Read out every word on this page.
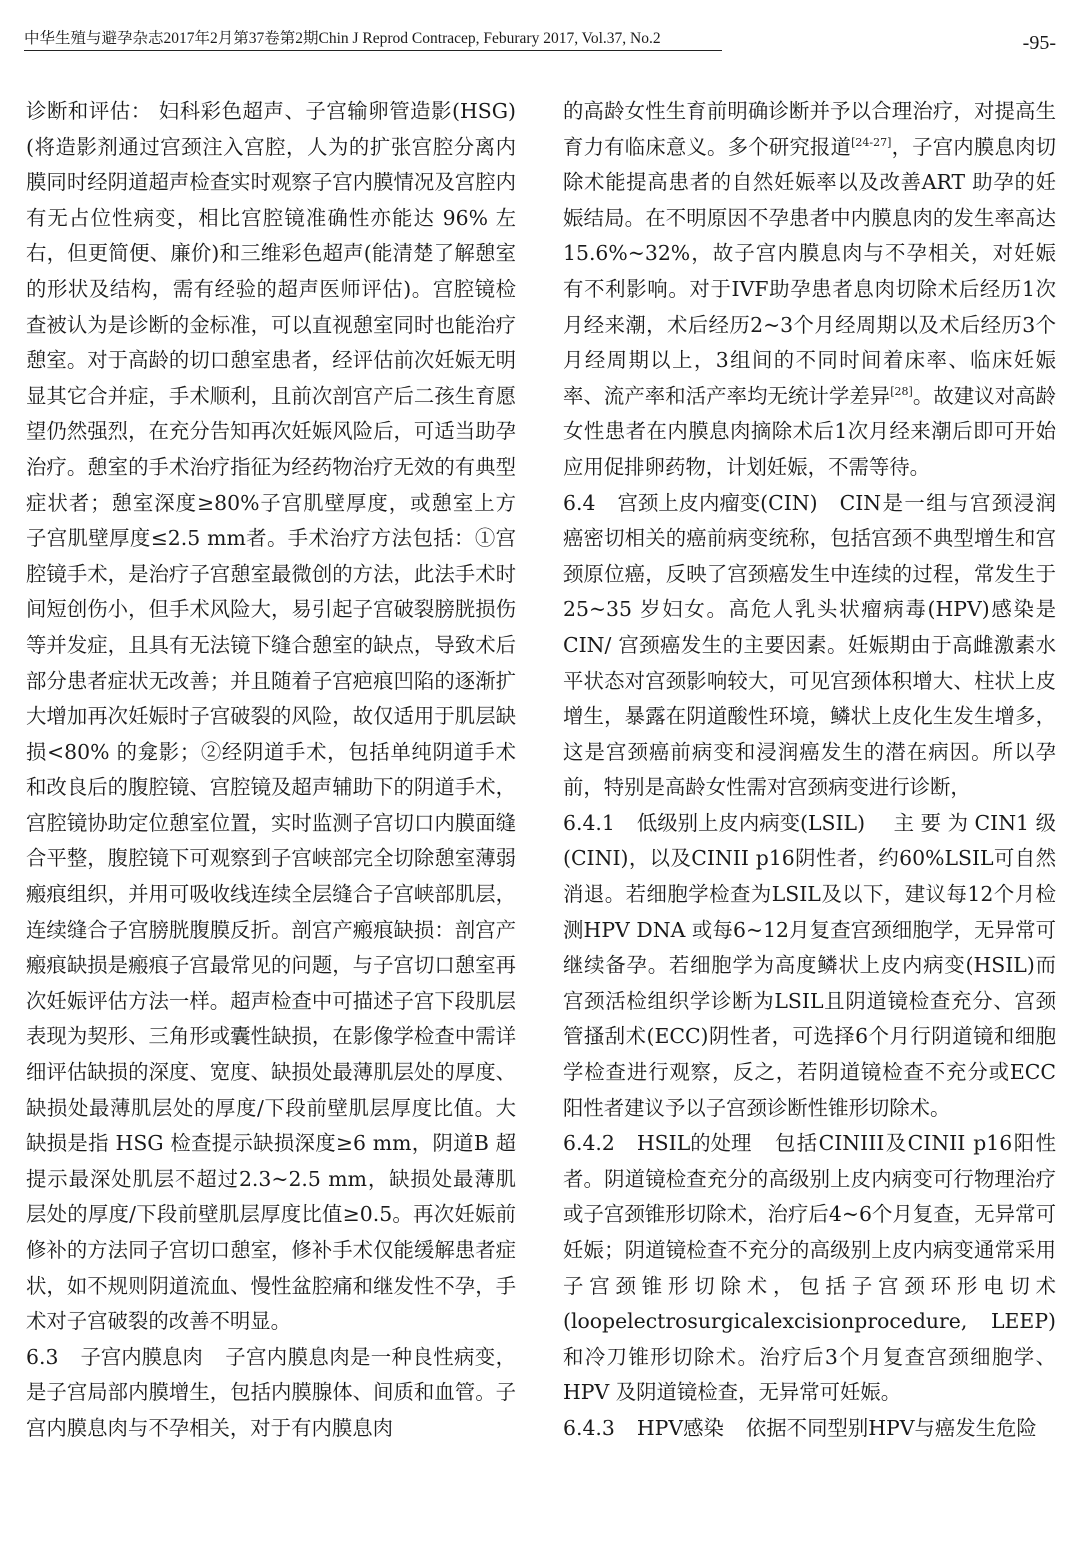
中华生殖与避孕杂志2017年2月第37卷第2期Chin J Reprod Contracep, Feburary 2017, Vol.37, No.2	-95-

诊断和评估： 妇科彩色超声、子宫输卵管造影(HSG)(将造影剂通过宫颈注入宫腔，人为的扩张宫腔分离内膜同时经阴道超声检查实时观察子宫内膜情况及宫腔内有无占位性病变，相比宫腔镜准确性亦能达 96% 左右，但更简便、廉价)和三维彩色超声(能清楚了解憩室的形状及结构，需有经验的超声医师评估)。宫腔镜检查被认为是诊断的金标准，可以直视憩室同时也能治疗憩室。对于高龄的切口憩室患者，经评估前次妊娠无明显其它合并症，手术顺利，且前次剖宫产后二孩生育愿望仍然强烈，在充分告知再次妊娠风险后，可适当助孕治疗。憩室的手术治疗指征为经药物治疗无效的有典型症状者；憩室深度≥80%子宫肌壁厚度，或憩室上方子宫肌壁厚度≤2.5 mm者。手术治疗方法包括：①宫腔镜手术，是治疗子宫憩室最微创的方法，此法手术时间短创伤小，但手术风险大，易引起子宫破裂膀胱损伤等并发症，且具有无法镜下缝合憩室的缺点，导致术后部分患者症状无改善；并且随着子宫疤痕凹陷的逐渐扩大增加再次妊娠时子宫破裂的风险，故仅适用于肌层缺损<80% 的龛影；②经阴道手术，包括单纯阴道手术和改良后的腹腔镜、宫腔镜及超声辅助下的阴道手术，宫腔镜协助定位憩室位置，实时监测子宫切口内膜面缝合平整，腹腔镜下可观察到子宫峡部完全切除憩室薄弱瘢痕组织，并用可吸收线连续全层缝合子宫峡部肌层，连续缝合子宫膀胱腹膜反折。剖宫产瘢痕缺损：剖宫产瘢痕缺损是瘢痕子宫最常见的问题，与子宫切口憩室再次妊娠评估方法一样。超声检查中可描述子宫下段肌层表现为契形、三角形或囊性缺损，在影像学检查中需详细评估缺损的深度、宽度、缺损处最薄肌层处的厚度、缺损处最薄肌层处的厚度/下段前壁肌层厚度比值。大缺损是指 HSG 检查提示缺损深度≥6 mm，阴道B 超提示最深处肌层不超过2.3~2.5 mm，缺损处最薄肌层处的厚度/下段前壁肌层厚度比值≥0.5。再次妊娠前修补的方法同子宫切口憩室，修补手术仅能缓解患者症状，如不规则阴道流血、慢性盆腔痛和继发性不孕，手术对子宫破裂的改善不明显。

6.3 子宫内膜息肉 子宫内膜息肉是一种良性病变，是子宫局部内膜增生，包括内膜腺体、间质和血管。子宫内膜息肉与不孕相关，对于有内膜息肉

的高龄女性生育前明确诊断并予以合理治疗，对提高生育力有临床意义。多个研究报道[24-27]，子宫内膜息肉切除术能提高患者的自然妊娠率以及改善ART 助孕的妊娠结局。在不明原因不孕患者中内膜息肉的发生率高达15.6%~32%，故子宫内膜息肉与不孕相关，对妊娠有不利影响。对于IVF助孕患者息肉切除术后经历1次月经来潮，术后经历2~3个月经周期以及术后经历3个月经周期以上，3组间的不同时间着床率、临床妊娠率、流产率和活产率均无统计学差异[28]。故建议对高龄女性患者在内膜息肉摘除术后1次月经来潮后即可开始应用促排卵药物，计划妊娠，不需等待。

6.4 宫颈上皮内瘤变(CIN) CIN是一组与宫颈浸润癌密切相关的癌前病变统称，包括宫颈不典型增生和宫颈原位癌，反映了宫颈癌发生中连续的过程，常发生于25~35 岁妇女。高危人乳头状瘤病毒(HPV)感染是 CIN/ 宫颈癌发生的主要因素。妊娠期由于高雌激素水平状态对宫颈影响较大，可见宫颈体积增大、柱状上皮增生，暴露在阴道酸性环境，鳞状上皮化生发生增多，这是宫颈癌前病变和浸润癌发生的潜在病因。所以孕前，特别是高龄女性需对宫颈病变进行诊断，

6.4.1 低级别上皮内病变(LSIL) 主要为CIN1级(CINI)，以及CINII p16阴性者，约60%LSIL可自然消退。若细胞学检查为LSIL及以下，建议每12个月检测HPV DNA 或每6~12月复查宫颈细胞学，无异常可继续备孕。若细胞学为高度鳞状上皮内病变(HSIL)而宫颈活检组织学诊断为LSIL且阴道镜检查充分、宫颈管搔刮术(ECC)阴性者，可选择6个月行阴道镜和细胞学检查进行观察，反之，若阴道镜检查不充分或ECC 阳性者建议予以子宫颈诊断性锥形切除术。

6.4.2 HSIL的处理 包括CINIII及CINII p16阳性者。阴道镜检查充分的高级别上皮内病变可行物理治疗或子宫颈锥形切除术，治疗后4~6个月复查，无异常可妊娠；阴道镜检查不充分的高级别上皮内病变通常采用子宫颈锥形切除术，包括子宫颈环形电切术(loopelectrosurgicalexcisionprocedure, LEEP)和冷刀锥形切除术。治疗后3个月复查宫颈细胞学、HPV 及阴道镜检查，无异常可妊娠。

6.4.3 HPV感染 依据不同型别HPV与癌发生危险
